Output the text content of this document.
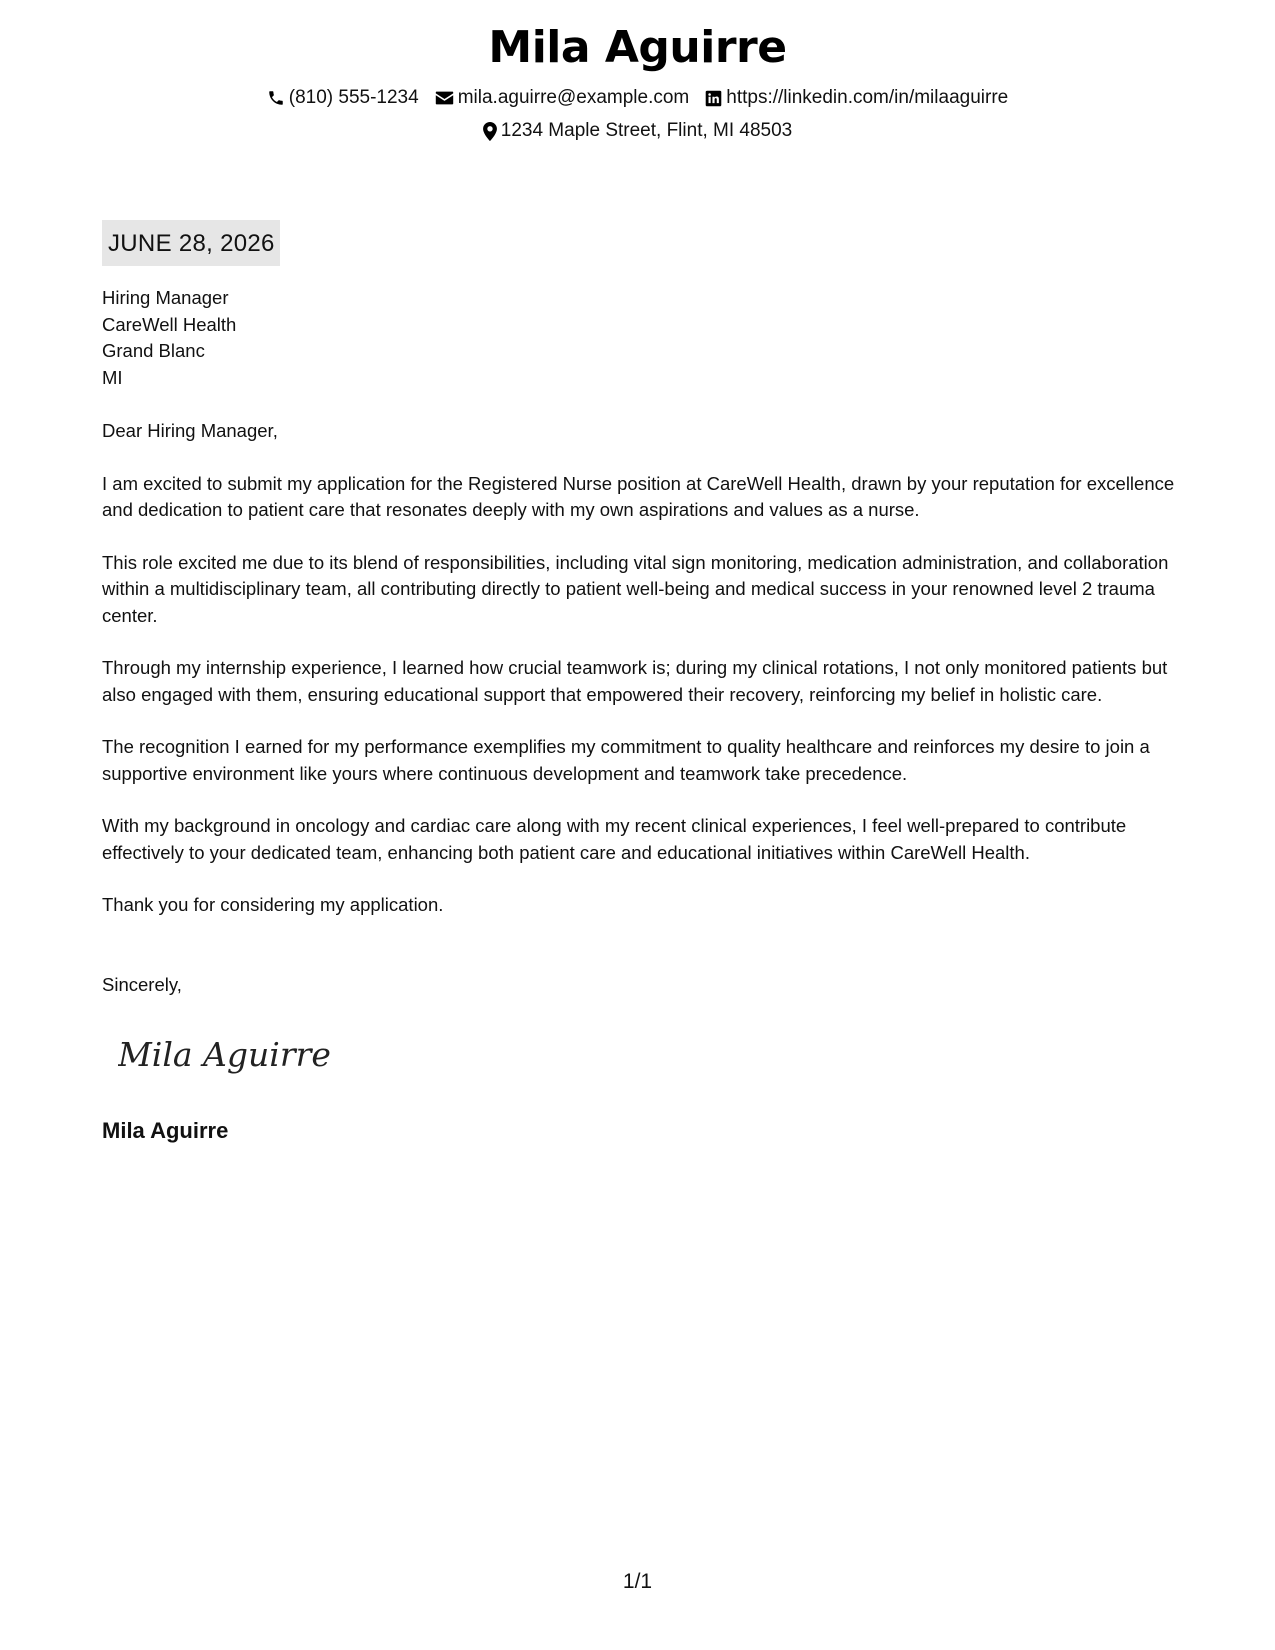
Mila Aguirre
(810) 555-1234 mila.aguirre@example.com https://linkedin.com/in/milaaguirre
1234 Maple Street, Flint, MI 48503
JUNE 28, 2026
Hiring Manager
CareWell Health
Grand Blanc
MI

Dear Hiring Manager,

I am excited to submit my application for the Registered Nurse position at CareWell Health, drawn by your reputation for excellence and dedication to patient care that resonates deeply with my own aspirations and values as a nurse.

This role excited me due to its blend of responsibilities, including vital sign monitoring, medication administration, and collaboration within a multidisciplinary team, all contributing directly to patient well-being and medical success in your renowned level 2 trauma center.

Through my internship experience, I learned how crucial teamwork is; during my clinical rotations, I not only monitored patients but also engaged with them, ensuring educational support that empowered their recovery, reinforcing my belief in holistic care.

The recognition I earned for my performance exemplifies my commitment to quality healthcare and reinforces my desire to join a supportive environment like yours where continuous development and teamwork take precedence.

With my background in oncology and cardiac care along with my recent clinical experiences, I feel well-prepared to contribute effectively to your dedicated team, enhancing both patient care and educational initiatives within CareWell Health.

Thank you for considering my application.

Sincerely,
Mila Aguirre
Mila Aguirre
1/1
